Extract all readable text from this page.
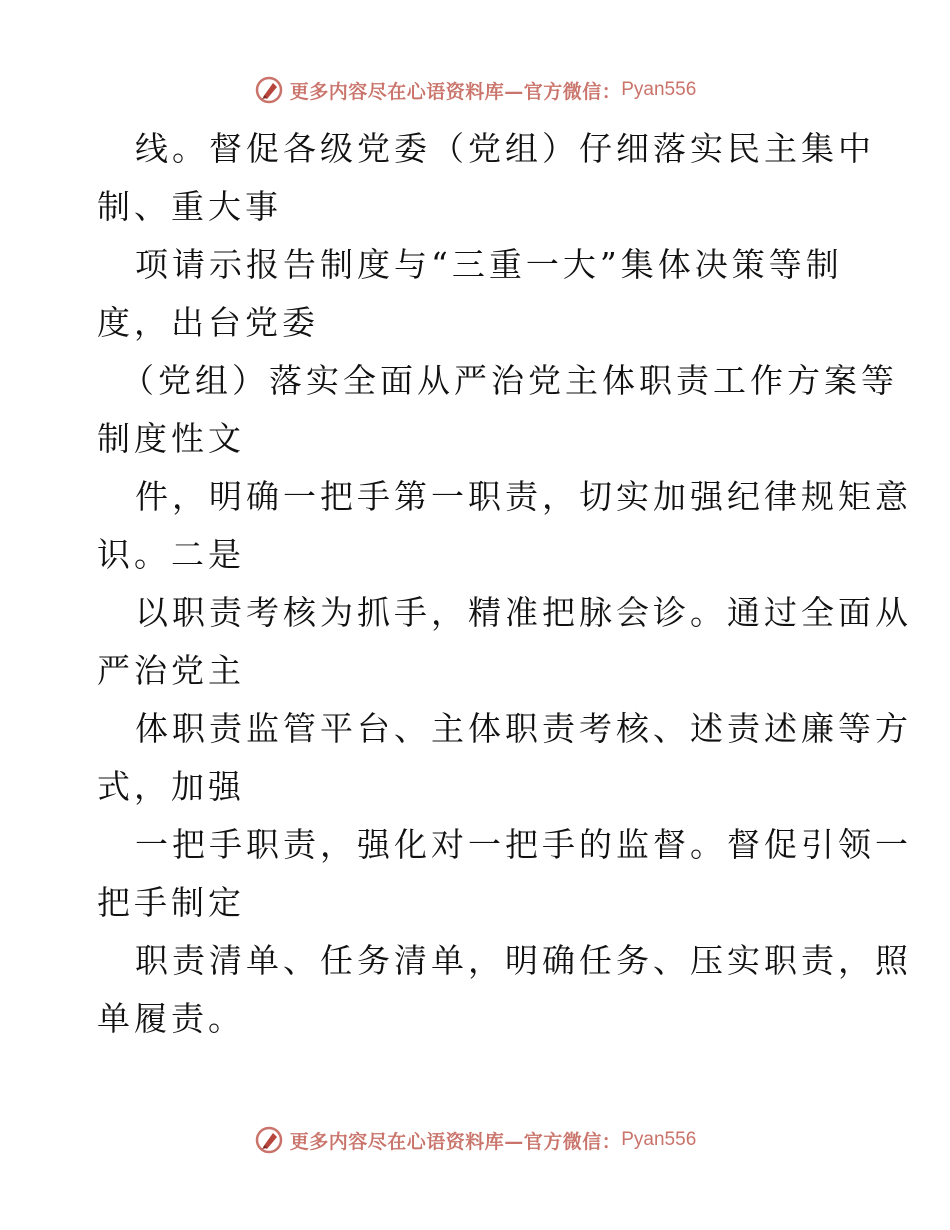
更多内容尽在心语资料库—官方微信： Pyan556
线。督促各级党委（党组）仔细落实民主集中
制、重大事
项请示报告制度与“三重一大”集体决策等制
度，出台党委
（党组）落实全面从严治党主体职责工作方案等
制度性文
件，明确一把手第一职责，切实加强纪律规矩意
识。二是
以职责考核为抓手，精准把脉会诊。通过全面从
严治党主
体职责监管平台、主体职责考核、述责述廉等方
式，加强
一把手职责，强化对一把手的监督。督促引领一
把手制定
职责清单、任务清单，明确任务、压实职责，照
单履责。
更多内容尽在心语资料库—官方微信： Pyan556
